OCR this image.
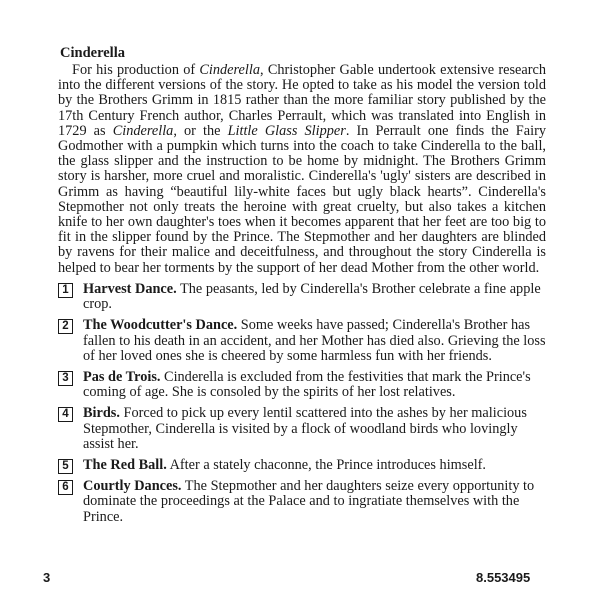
Cinderella

For his production of Cinderella, Christopher Gable undertook extensive research into the different versions of the story. He opted to take as his model the version told by the Brothers Grimm in 1815 rather than the more familiar story published by the 17th Century French author, Charles Perrault, which was translated into English in 1729 as Cinderella, or the Little Glass Slipper. In Perrault one finds the Fairy Godmother with a pumpkin which turns into the coach to take Cinderella to the ball, the glass slipper and the instruction to be home by midnight. The Brothers Grimm story is harsher, more cruel and moralistic. Cinderella's 'ugly' sisters are described in Grimm as having “beautiful lily-white faces but ugly black hearts”. Cinderella's Stepmother not only treats the heroine with great cruelty, but also takes a kitchen knife to her own daughter's toes when it becomes apparent that her feet are too big to fit in the slipper found by the Prince. The Stepmother and her daughters are blinded by ravens for their malice and deceitfulness, and throughout the story Cinderella is helped to bear her torments by the support of her dead Mother from the other world.

1 Harvest Dance. The peasants, led by Cinderella's Brother celebrate a fine apple crop.
2 The Woodcutter's Dance. Some weeks have passed; Cinderella's Brother has fallen to his death in an accident, and her Mother has died also. Grieving the loss of her loved ones she is cheered by some harmless fun with her friends.
3 Pas de Trois. Cinderella is excluded from the festivities that mark the Prince's coming of age. She is consoled by the spirits of her lost relatives.
4 Birds. Forced to pick up every lentil scattered into the ashes by her malicious Stepmother, Cinderella is visited by a flock of woodland birds who lovingly assist her.
5 The Red Ball. After a stately chaconne, the Prince introduces himself.
6 Courtly Dances. The Stepmother and her daughters seize every opportunity to dominate the proceedings at the Palace and to ingratiate themselves with the Prince.
3	8.553495
